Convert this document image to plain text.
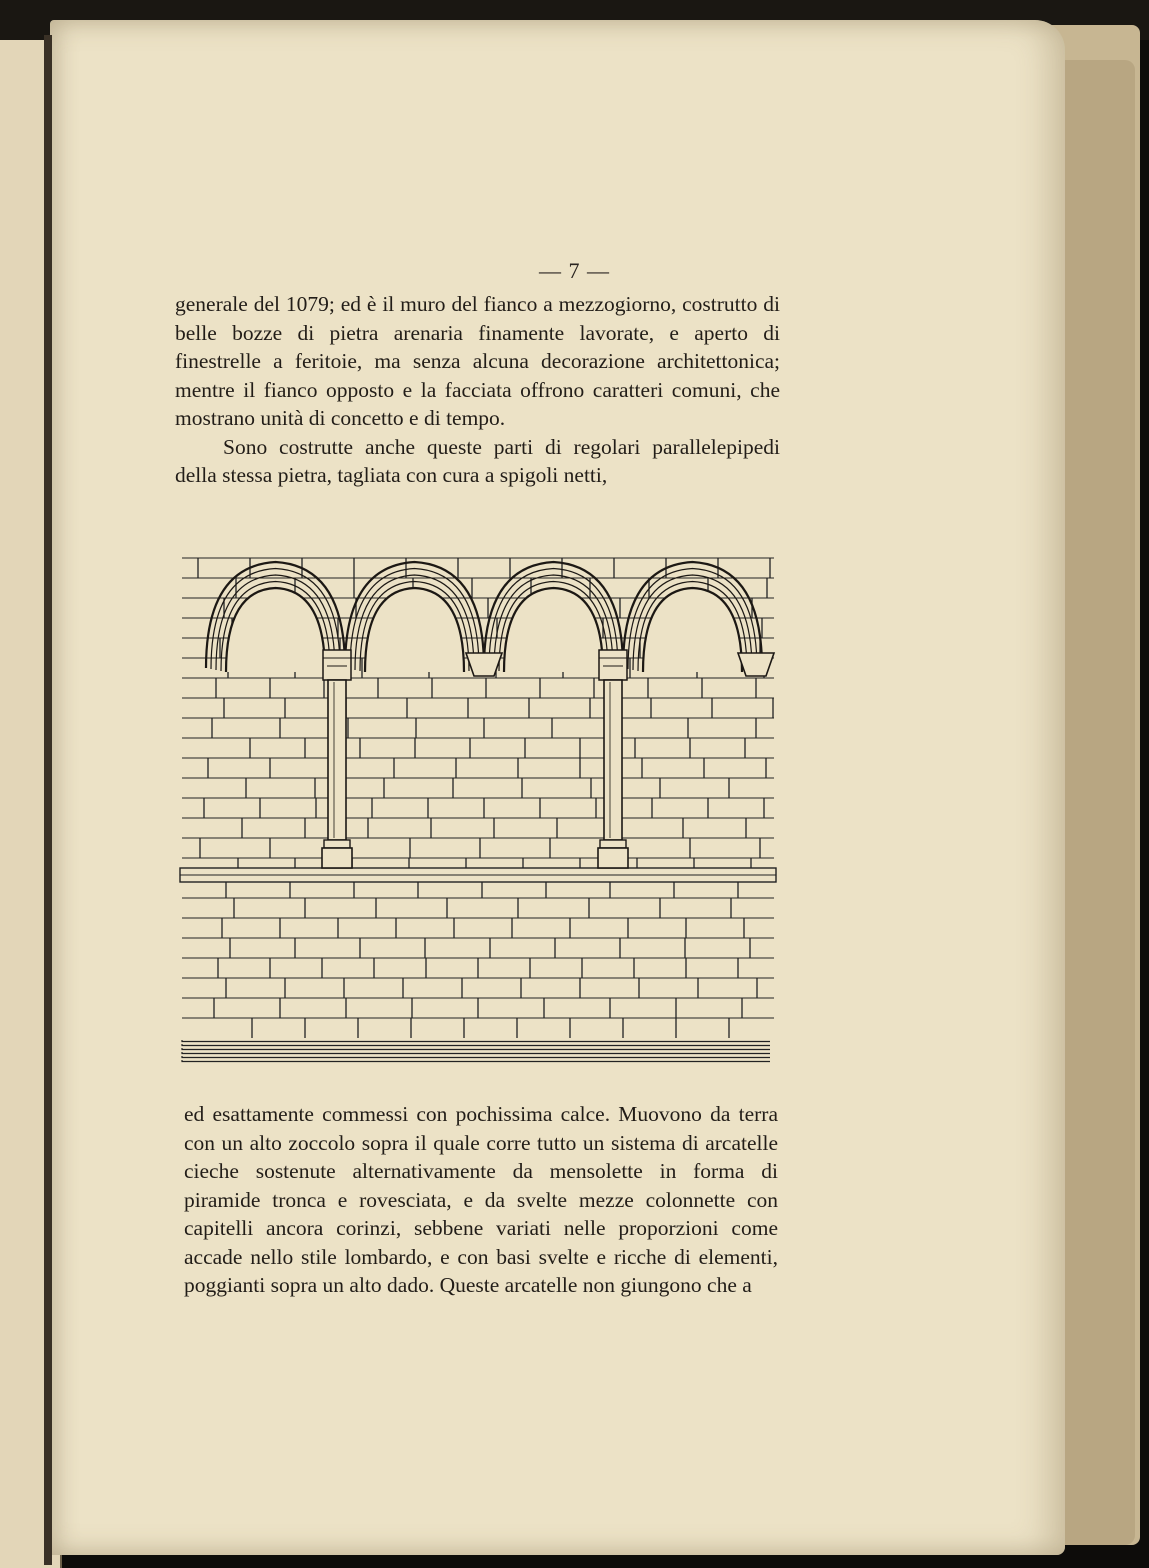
— 7 —

generale del 1079; ed è il muro del fianco a mezzogiorno, costrutto di belle bozze di pietra arenaria finamente lavorate, e aperto di finestrelle a feritoie, ma senza alcuna decorazione architettonica; mentre il fianco opposto e la facciata offrono caratteri comuni, che mostrano unità di concetto e di tempo.

Sono costrutte anche queste parti di regolari parallelepipedi della stessa pietra, tagliata con cura a spigoli netti,

ed esattamente commessi con pochissima calce. Muovono da terra con un alto zoccolo sopra il quale corre tutto un sistema di arcatelle cieche sostenute alternativamente da mensolette in forma di piramide tronca e rovesciata, e da svelte mezze colonnette con capitelli ancora corinzi, sebbene variati nelle proporzioni come accade nello stile lombardo, e con basi svelte e ricche di elementi, poggianti sopra un alto dado. Queste arcatelle non giungono che a
